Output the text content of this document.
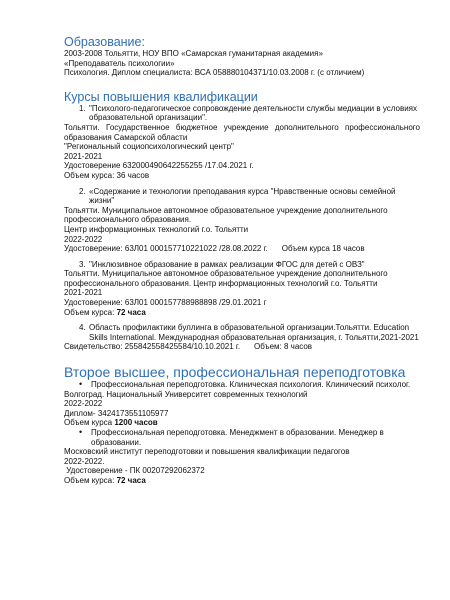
Образование:
2003-2008 Тольятти, НОУ ВПО «Самарская гуманитарная академия»
«Преподаватель психологии»
Психология. Диплом специалиста: ВСА 058880104371/10.03.2008 г. (с отличием)
Курсы повышения квалификации
1. "Психолого-педагогическое сопровождение деятельности службы медиации в условиях образовательной организации".
Тольятти. Государственное бюджетное учреждение дополнительного профессионального образования Самарской области
"Региональный социопсихологический центр"
2021-2021
Удостоверение 632000490642255255 /17.04.2021 г.
Объем курса: 36 часов
2. «Содержание и технологии преподавания курса "Нравственные основы семейной жизни"
Тольятти. Муниципальное автономное образовательное учреждение дополнительного профессионального образования.
Центр информационных технологий г.о. Тольятти
2022-2022
Удостоверение: 63Л01 000157710221022 /28.08.2022 г. Объем курса 18 часов
3. "Инклюзивное образование в рамках реализации ФГОС для детей с ОВЗ"
Тольятти. Муниципальное автономное образовательное учреждение дополнительного профессионального образования. Центр информационных технологий г.о. Тольятти
2021-2021
Удостоверение: 63Л01 000157788988898 /29.01.2021 г
Объем курса: 72 часа
4. Область профилактики буллинга в образовательной организации.Тольятти. Education Skills International. Международная образовательная организация, г. Тольятти,2021-2021
Свидетельство: 255842558425584/10.10.2021 г. Объем: 8 часов
Второе высшее, профессиональная переподготовка
• Профессиональная переподготовка. Клиническая психология. Клинический психолог.
Волгоград. Национальный Университет современных технологий
2022-2022
Диплом- 3424173551105977
Объем курса 1200 часов
• Профессиональная переподготовка. Менеджмент в образовании. Менеджер в образовании.
Московский институт переподготовки и повышения квалификации педагогов
2022-2022.
Удостоверение - ПК 00207292062372
Объем курса: 72 часа
